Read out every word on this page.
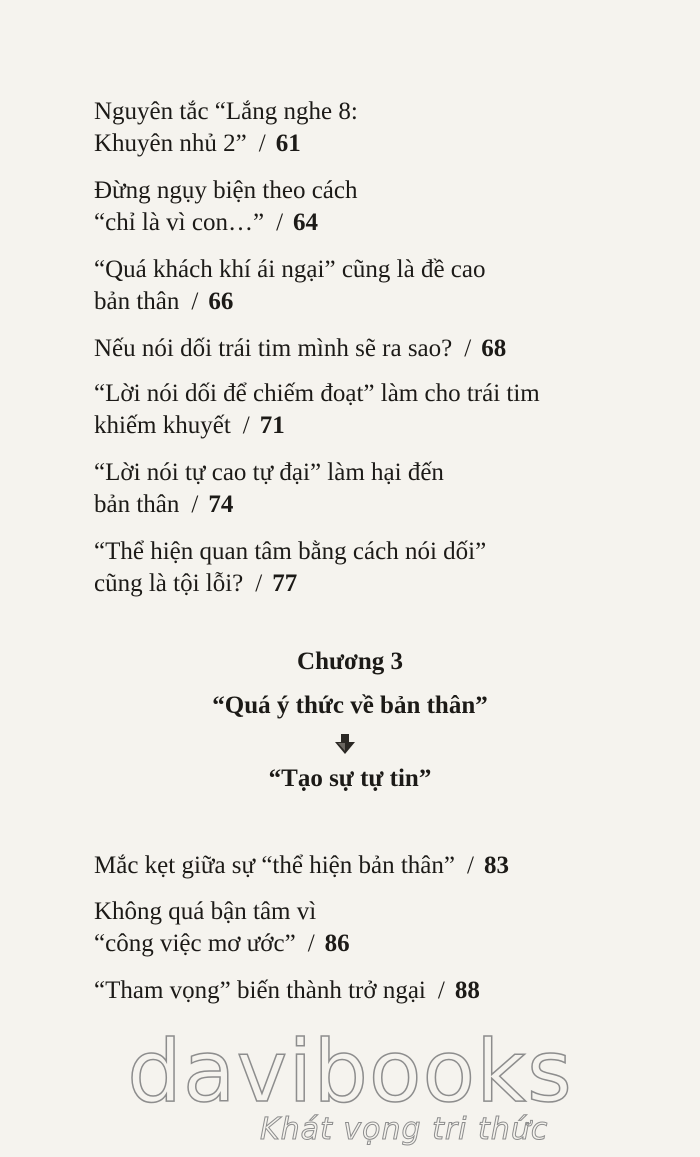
Nguyên tắc “Lắng nghe 8:
Khuyên nhủ 2” / 61
Đừng ngụy biện theo cách
“chỉ là vì con…” / 64
“Quá khách khí ái ngại” cũng là đề cao
bản thân / 66
Nếu nói dối trái tim mình sẽ ra sao? / 68
“Lời nói dối để chiếm đoạt” làm cho trái tim
khiếm khuyết / 71
“Lời nói tự cao tự đại” làm hại đến
bản thân / 74
“Thể hiện quan tâm bằng cách nói dối”
cũng là tội lỗi? / 77
Chương 3
“Quá ý thức về bản thân”
“Tạo sự tự tin”
Mắc kẹt giữa sự “thể hiện bản thân” / 83
Không quá bận tâm vì
“công việc mơ ước” / 86
“Tham vọng” biến thành trở ngại / 88
davibooks
Khát vọng tri thức
